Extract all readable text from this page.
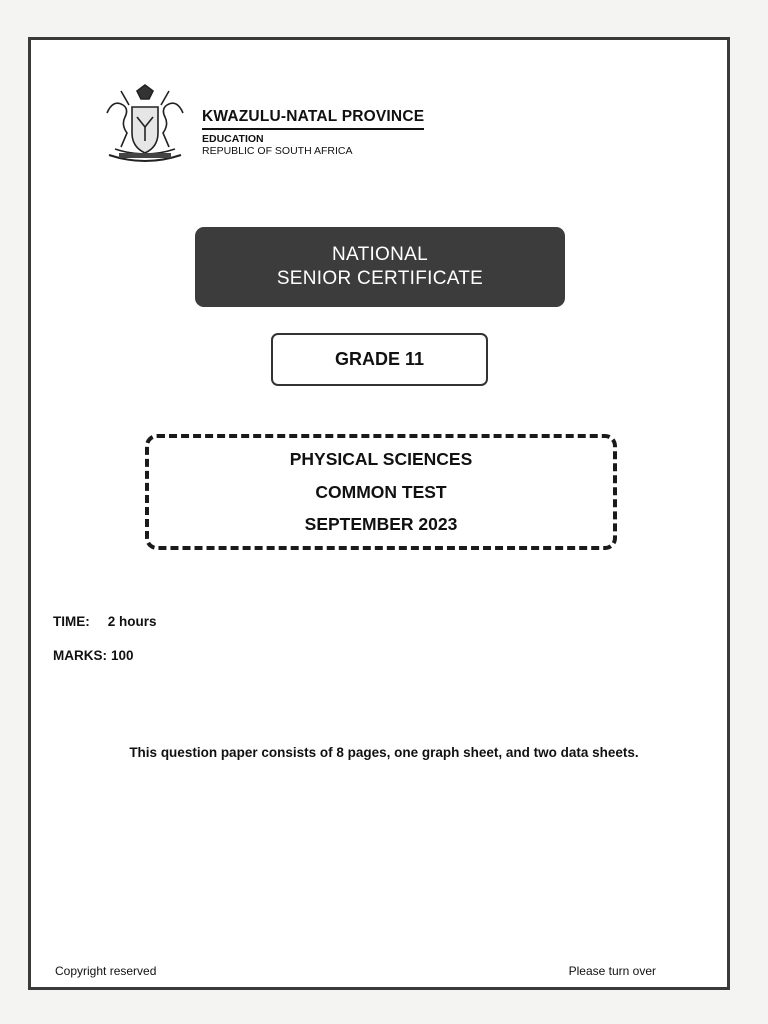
KWAZULU-NATAL PROVINCE
EDUCATION
REPUBLIC OF SOUTH AFRICA
NATIONAL
SENIOR CERTIFICATE
GRADE 11
PHYSICAL SCIENCES
COMMON TEST
SEPTEMBER 2023
TIME: 2 hours
MARKS: 100
This question paper consists of 8 pages, one graph sheet, and two data sheets.
Copyright reserved	Please turn over
